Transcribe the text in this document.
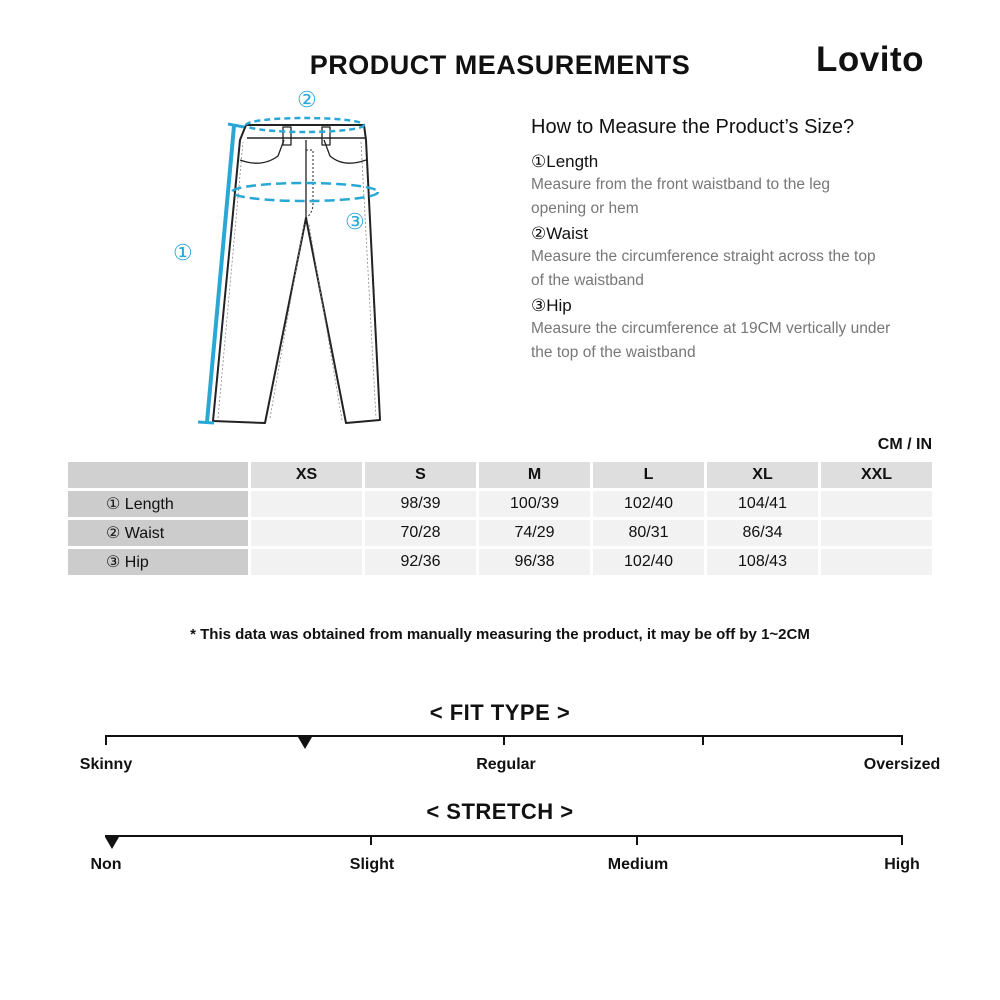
PRODUCT MEASUREMENTS	Lovito
①
②
③
How to Measure the Product’s Size?
①Length
Measure from the front waistband to the leg opening or hem
②Waist
Measure the circumference straight across the top of the waistband
③Hip
Measure the circumference at 19CM vertically under the top of the waistband
CM / IN
	XS	S	M	L	XL	XXL
① Length		98/39	100/39	102/40	104/41	
② Waist		70/28	74/29	80/31	86/34	
③ Hip		92/36	96/38	102/40	108/43	
* This data was obtained from manually measuring the product, it may be off by 1~2CM
< FIT TYPE >
Skinny	Regular	Oversized
< STRETCH >
Non	Slight	Medium	High
